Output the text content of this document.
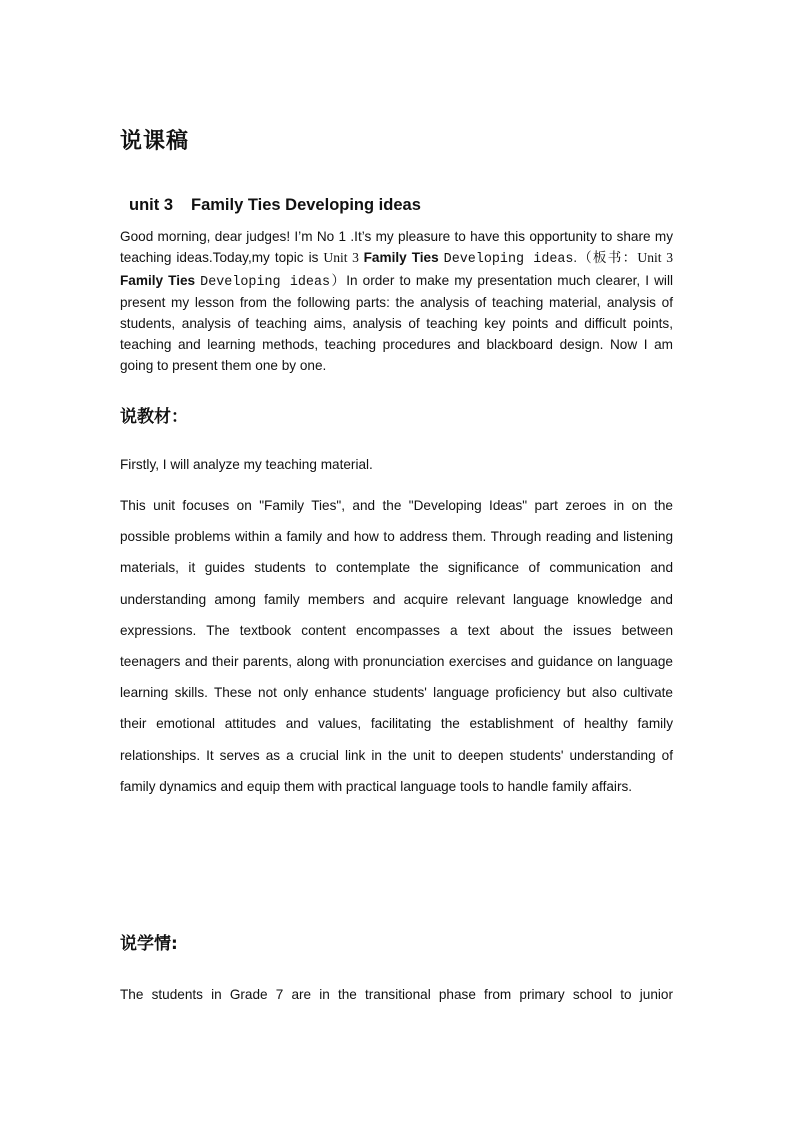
说课稿
unit 3 Family Ties Developing ideas
Good morning, dear judges! I’m No 1 .It’s my pleasure to have this opportunity to share my teaching ideas.Today,my topic is Unit 3 Family Ties Developing ideas.（板书：Unit 3 Family Ties Developing ideas）In order to make my presentation much clearer, I will present my lesson from the following parts: the analysis of teaching material, analysis of students, analysis of teaching aims, analysis of teaching key points and difficult points, teaching and learning methods, teaching procedures and blackboard design. Now I am going to present them one by one.
说教材：
Firstly, I will analyze my teaching material.
This unit focuses on "Family Ties", and the "Developing Ideas" part zeroes in on the possible problems within a family and how to address them. Through reading and listening materials, it guides students to contemplate the significance of communication and understanding among family members and acquire relevant language knowledge and expressions. The textbook content encompasses a text about the issues between teenagers and their parents, along with pronunciation exercises and guidance on language learning skills. These not only enhance students' language proficiency but also cultivate their emotional attitudes and values, facilitating the establishment of healthy family relationships. It serves as a crucial link in the unit to deepen students' understanding of family dynamics and equip them with practical language tools to handle family affairs.
说学情:
The students in Grade 7 are in the transitional phase from primary school to junior
